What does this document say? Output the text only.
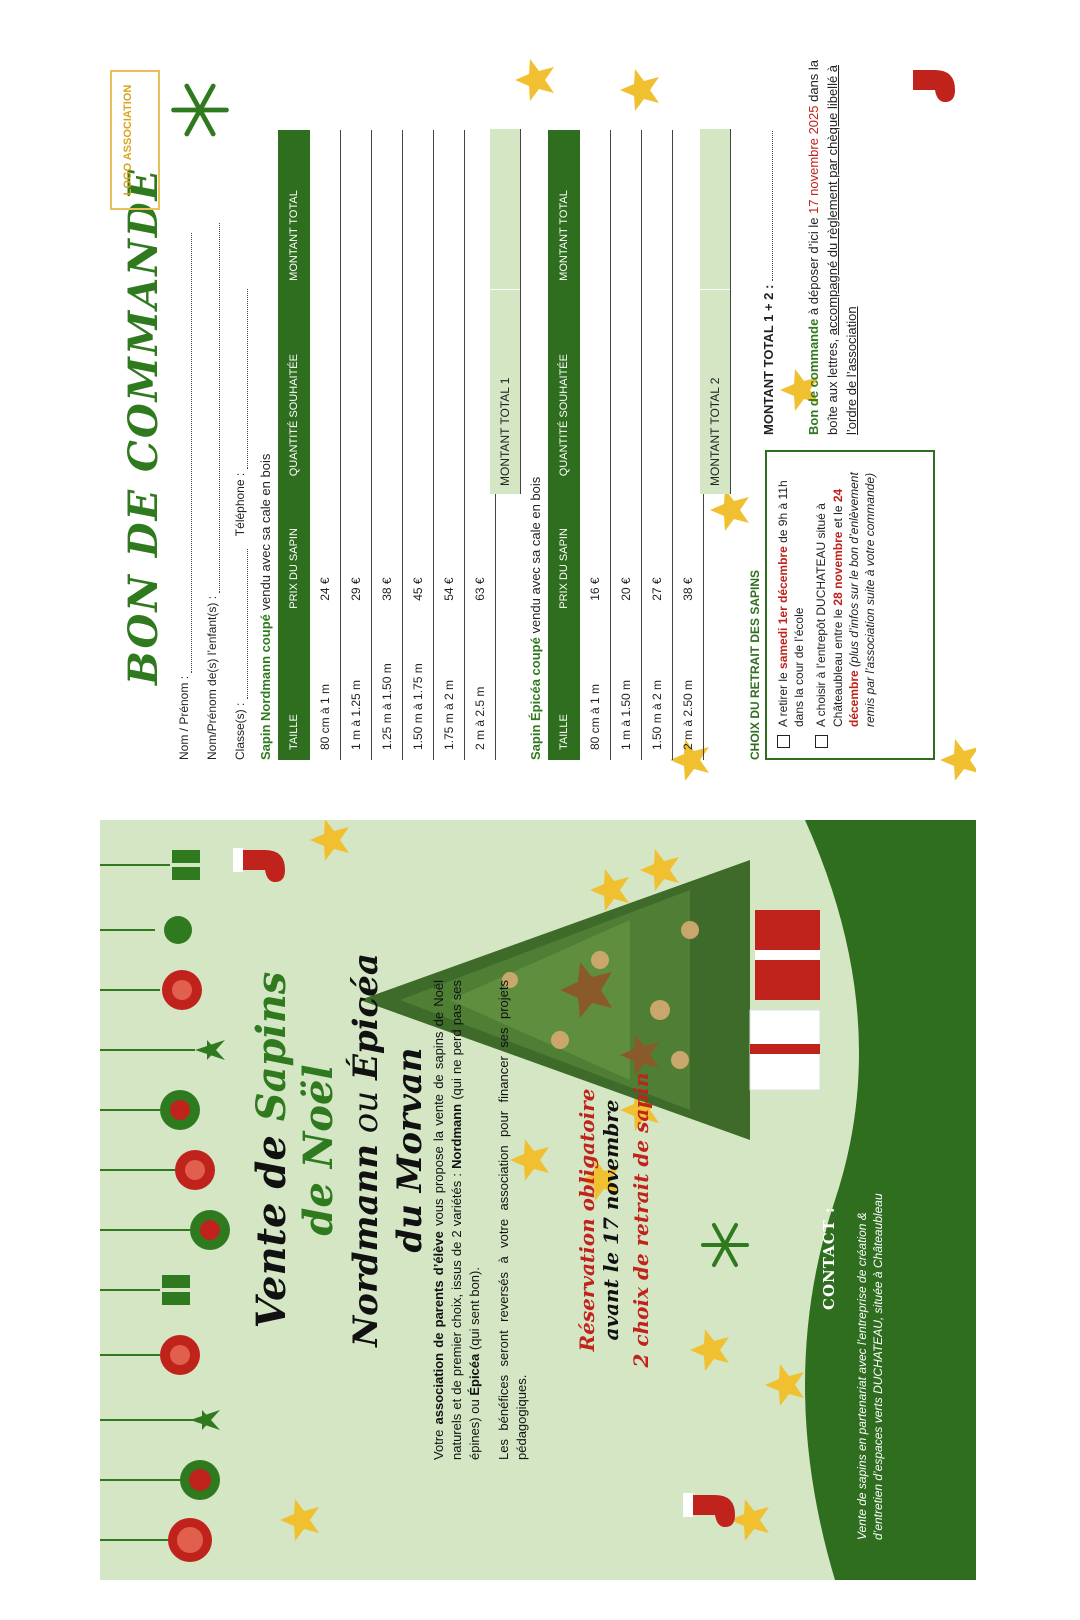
Vente de Sapins de Noël Nordmann ou Épicéa
du Morvan

Votre association de parents d’élève vous propose la vente de sapins de Noël naturels et de premier choix, issus de 2 variétés : Nordmann (qui ne perd pas ses épines) ou Épicéa (qui sent bon). Les bénéfices seront reversés à votre association pour financer ses projets pédagogiques.

Réservation obligatoire avant le 17 novembre 2 choix de retrait de sapin	CONTACT : Vente de sapins en partenariat avec l’entreprise de création & d’entretien d’espaces verts DUCHATEAU, située à Châteaubleau
BON DE COMMANDE
LOGO ASSOCIATION
Nom / Prénom :	Nom/Prénom de(s) l’enfant(s) :	Classe(s) :     Téléphone :
Sapin Nordmann coupé vendu avec sa cale en bois
TAILLE	PRIX DU SAPIN	QUANTITÉ SOUHAITÉE	MONTANT TOTAL
80 cm à 1 m	24 €		
1 m à 1.25 m	29 €		
1.25 m à 1.50 m	38 €		
1.50 m à 1.75 m	45 €		
1.75 m à 2 m	54 €		
2 m à 2.5 m	63 €		
MONTANT TOTAL 1
Sapin Épicéa coupé vendu avec sa cale en bois
TAILLE	PRIX DU SAPIN	QUANTITÉ SOUHAITÉE	MONTANT TOTAL
80 cm à 1 m	16 €		
1 m à 1.50 m	20 €		
1.50 m à 2 m	27 €		
2 m à 2.50 m	38 €		
MONTANT TOTAL 2
CHOIX DU RETRAIT DES SAPINS A retirer le samedi 1er décembre de 9h à 11h dans la cour de l’école A choisir à l’entrepôt DUCHATEAU situé à Châteaubleau entre le 28 novembre et le 24 décembre (plus d’infos sur le bon d’enlèvement remis par l’association suite à votre commande)
MONTANT TOTAL 1 + 2 : Bon de commande à déposer d’ici le 17 novembre 2025 dans la boîte aux lettres, accompagné du règlement par chèque libellé à l’ordre de l’association
